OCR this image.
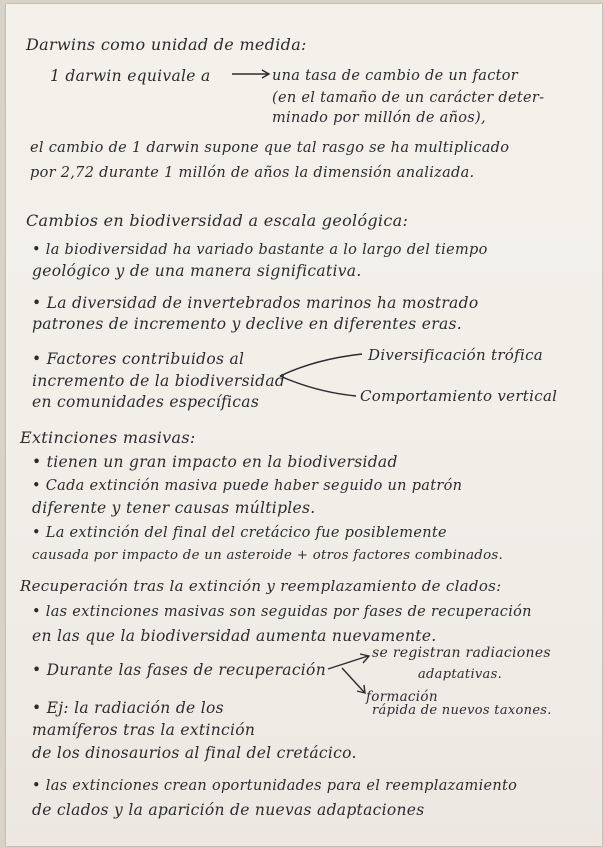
Darwins como unidad de medida:

1 darwin equivale a	una tasa de cambio de un factor

(en el tamaño de un carácter deter-

minado por millón de años),

el cambio de 1 darwin supone que tal rasgo se ha multiplicado

por 2,72 durante 1 millón de años la dimensión analizada.

Cambios en biodiversidad a escala geológica:

• la biodiversidad ha variado bastante a lo largo del tiempo

geológico y de una manera significativa.

• La diversidad de invertebrados marinos ha mostrado

patrones de incremento y declive en diferentes eras.

• Factores contribuidos al

incremento de la biodiversidad

en comunidades específicas

Diversificación trófica

Comportamiento vertical

Extinciones masivas:

• tienen un gran impacto en la biodiversidad

• Cada extinción masiva puede haber seguido un patrón

diferente y tener causas múltiples.

• La extinción del final del cretácico fue posiblemente

causada por impacto de un asteroide + otros factores combinados.

Recuperación tras la extinción y reemplazamiento de clados:

• las extinciones masivas son seguidas por fases de recuperación

en las que la biodiversidad aumenta nuevamente.

• Durante las fases de recuperación

se registran radiaciones

adaptativas.

formación

rápida de nuevos taxones.

• Ej: la radiación de los

mamíferos tras la extinción

de los dinosaurios al final del cretácico.

• las extinciones crean oportunidades para el reemplazamiento

de clados y la aparición de nuevas adaptaciones
